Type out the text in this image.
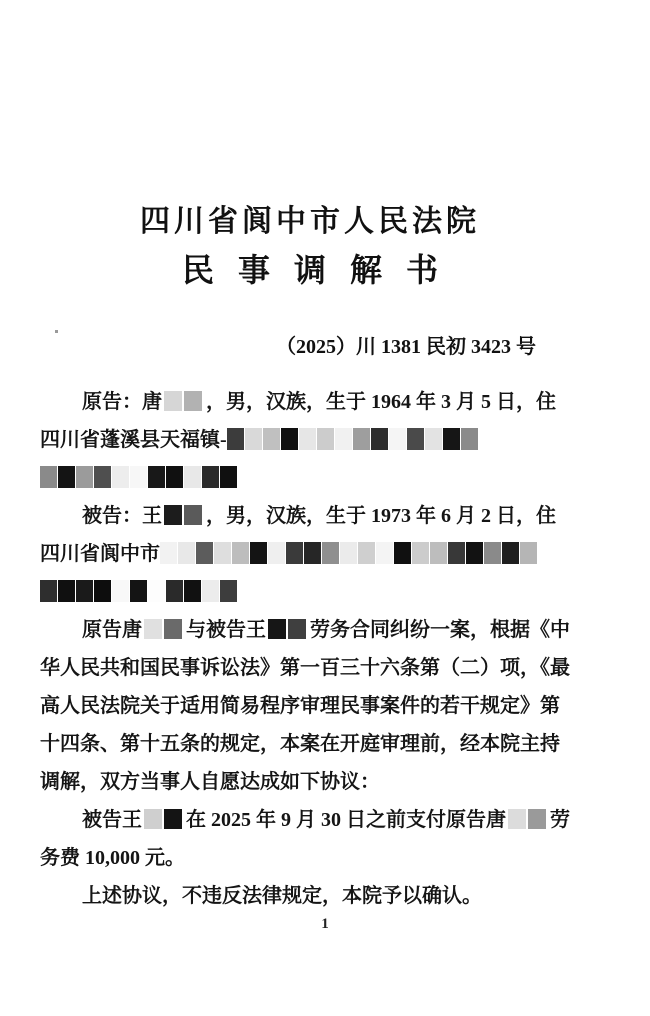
四川省阆中市人民法院
民事调解书
（2025）川 1381 民初 3423 号
原告：唐 ，男，汉族，生于 1964 年 3 月 5 日，住
四川省蓬溪县天福镇-
被告：王 ，男，汉族，生于 1973 年 6 月 2 日，住
四川省阆中市
原告唐 与被告王 劳务合同纠纷一案，根据《中
华人民共和国民事诉讼法》第一百三十六条第（二）项，《最
高人民法院关于适用简易程序审理民事案件的若干规定》第
十四条、第十五条的规定，本案在开庭审理前，经本院主持
调解，双方当事人自愿达成如下协议：
被告王 在 2025 年 9 月 30 日之前支付原告唐 劳
务费 10,000 元。
上述协议，不违反法律规定，本院予以确认。
1
